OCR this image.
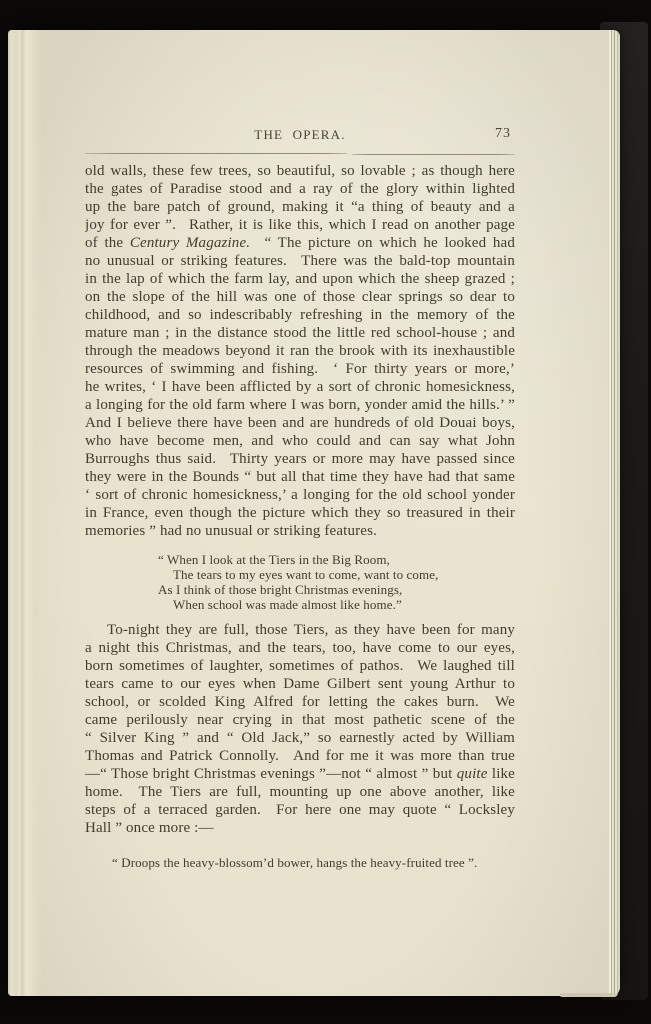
THE OPERA.	73
old walls, these few trees, so beautiful, so lovable ; as though here
the gates of Paradise stood and a ray of the glory within lighted
up the bare patch of ground, making it “a thing of beauty and a
joy for ever ”.  Rather, it is like this, which I read on another page
of the Century Magazine.  “ The picture on which he looked had
no unusual or striking features.  There was the bald-top mountain
in the lap of which the farm lay, and upon which the sheep grazed ;
on the slope of the hill was one of those clear springs so dear to
childhood, and so indescribably refreshing in the memory of the
mature man ; in the distance stood the little red school-house ; and
through the meadows beyond it ran the brook with its inexhaustible
resources of swimming and fishing.  ‘ For thirty years or more,’
he writes, ‘ I have been afflicted by a sort of chronic homesickness,
a longing for the old farm where I was born, yonder amid the hills.’ ”
And I believe there have been and are hundreds of old Douai boys,
who have become men, and who could and can say what John
Burroughs thus said.  Thirty years or more may have passed since
they were in the Bounds “ but all that time they have had that same
‘ sort of chronic homesickness,’ a longing for the old school yonder
in France, even though the picture which they so treasured in their
memories ” had no unusual or striking features.
“ When I look at the Tiers in the Big Room,
The tears to my eyes want to come, want to come,
As I think of those bright Christmas evenings,
When school was made almost like home.”
To-night they are full, those Tiers, as they have been for many
a night this Christmas, and the tears, too, have come to our eyes,
born sometimes of laughter, sometimes of pathos.  We laughed till
tears came to our eyes when Dame Gilbert sent young Arthur to
school, or scolded King Alfred for letting the cakes burn.  We
came perilously near crying in that most pathetic scene of the
“ Silver King ” and “ Old Jack,” so earnestly acted by William
Thomas and Patrick Connolly.  And for me it was more than true
—“ Those bright Christmas evenings ”—not “ almost ” but quite like
home.  The Tiers are full, mounting up one above another, like
steps of a terraced garden.  For here one may quote “ Locksley
Hall ” once more :—
“ Droops the heavy-blossom’d bower, hangs the heavy-fruited tree ”.
